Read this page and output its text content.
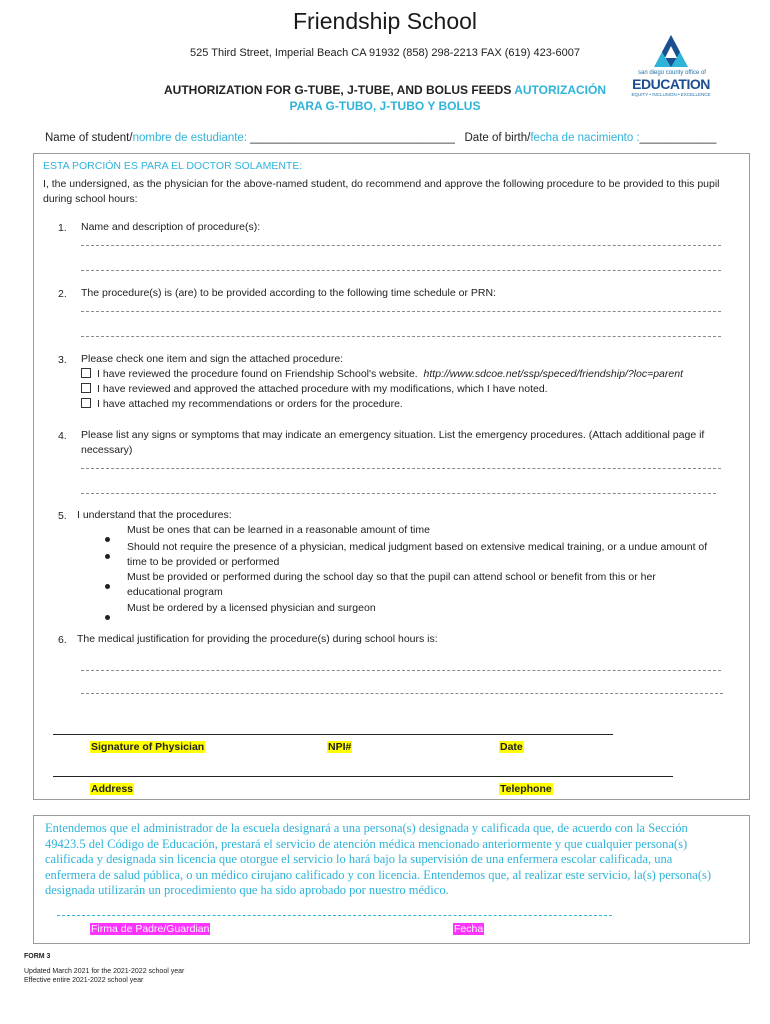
Friendship School
525 Third Street, Imperial Beach CA 91932 (858) 298-2213 FAX (619) 423-6007
san diego county office of
EDUCATION
EQUITY • INCLUSION • EXCELLENCE
AUTHORIZATION FOR G-TUBE, J-TUBE, AND BOLUS FEEDS AUTORIZACIÓN
PARA G-TUBO, J-TUBO Y BOLUS
Name of student/nombre de estudiante: ________________________________ Date of birth/fecha de nacimiento :____________
ESTA PORCIÓN ES PARA EL DOCTOR SOLAMENTE:
I, the undersigned, as the physician for the above-named student, do recommend and approve the following procedure to be provided to this pupil during school hours:
1. Name and description of procedure(s):
2. The procedure(s) is (are) to be provided according to the following time schedule or PRN:
3. Please check one item and sign the attached procedure:
I have reviewed the procedure found on Friendship School's website. http://www.sdcoe.net/ssp/speced/friendship/?loc=parent
I have reviewed and approved the attached procedure with my modifications, which I have noted.
I have attached my recommendations or orders for the procedure.
4. Please list any signs or symptoms that may indicate an emergency situation. List the emergency procedures. (Attach additional page if necessary)
5. I understand that the procedures:
Must be ones that can be learned in a reasonable amount of time
Should not require the presence of a physician, medical judgment based on extensive medical training, or a undue amount of time to be provided or performed
Must be provided or performed during the school day so that the pupil can attend school or benefit from this or her educational program
Must be ordered by a licensed physician and surgeon
6. The medical justification for providing the procedure(s) during school hours is:
Signature of Physician	NPI#	Date
Address	Telephone
Entendemos que el administrador de la escuela designará a una persona(s) designada y calificada que, de acuerdo con la Sección 49423.5 del Código de Educación, prestará el servicio de atención médica mencionado anteriormente y que cualquier persona(s) calificada y designada sin licencia que otorgue el servicio lo hará bajo la supervisión de una enfermera escolar calificada, una enfermera de salud pública, o un médico cirujano calificado y con licencia. Entendemos que, al realizar este servicio, la(s) persona(s) designada utilizarán un procedimiento que ha sido aprobado por nuestro médico.
Firma de Padre/Guardian	Fecha
FORM 3
Updated March 2021 for the 2021-2022 school year
Effective entire 2021-2022 school year
